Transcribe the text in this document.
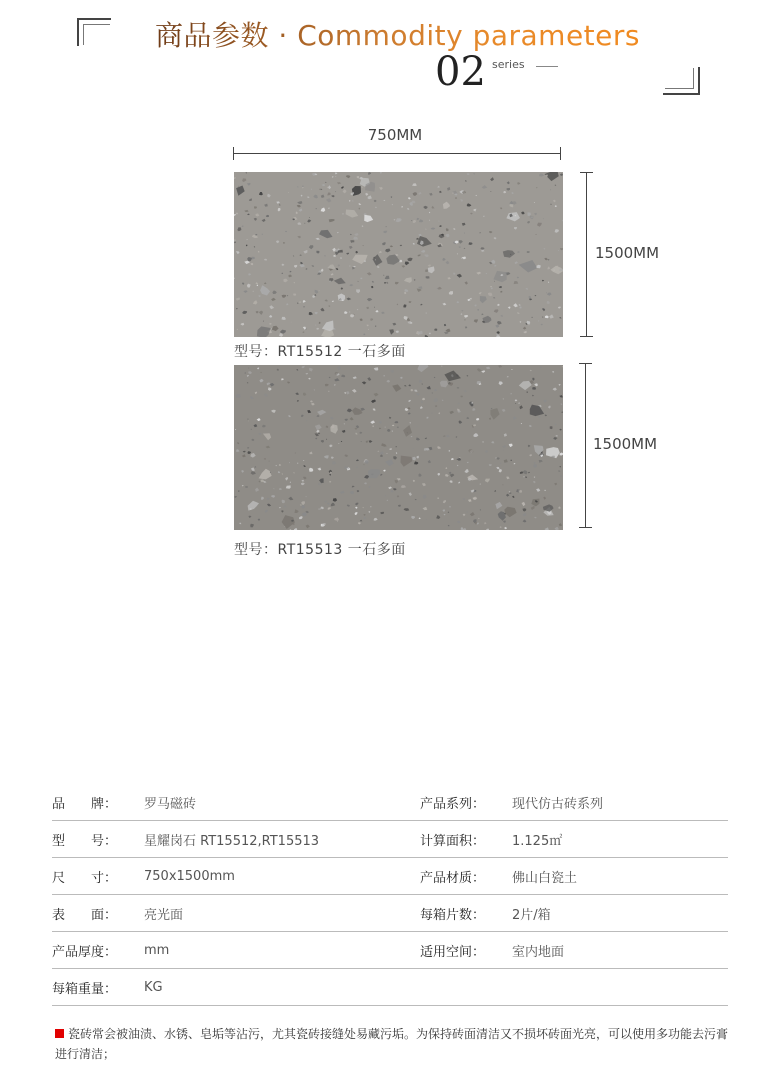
商品参数 · Commodity parameters
02 series
750MM
1500MM
型号：RT15512 一石多面
1500MM
型号：RT15513 一石多面
品　　牌：	罗马磁砖	产品系列：	现代仿古砖系列
型　　号：	星耀岗石 RT15512,RT15513	计算面积：	1.125㎡
尺　　寸：	750x1500mm	产品材质：	佛山白瓷土
表　　面：	亮光面	每箱片数：	2片/箱
产品厚度：	mm	适用空间：	室内地面
每箱重量：	KG		
瓷砖常会被油渍、水锈、皂垢等沾污，尤其瓷砖接缝处易藏污垢。为保持砖面清洁又不损坏砖面光亮，可以使用多功能去污膏进行清洁；
